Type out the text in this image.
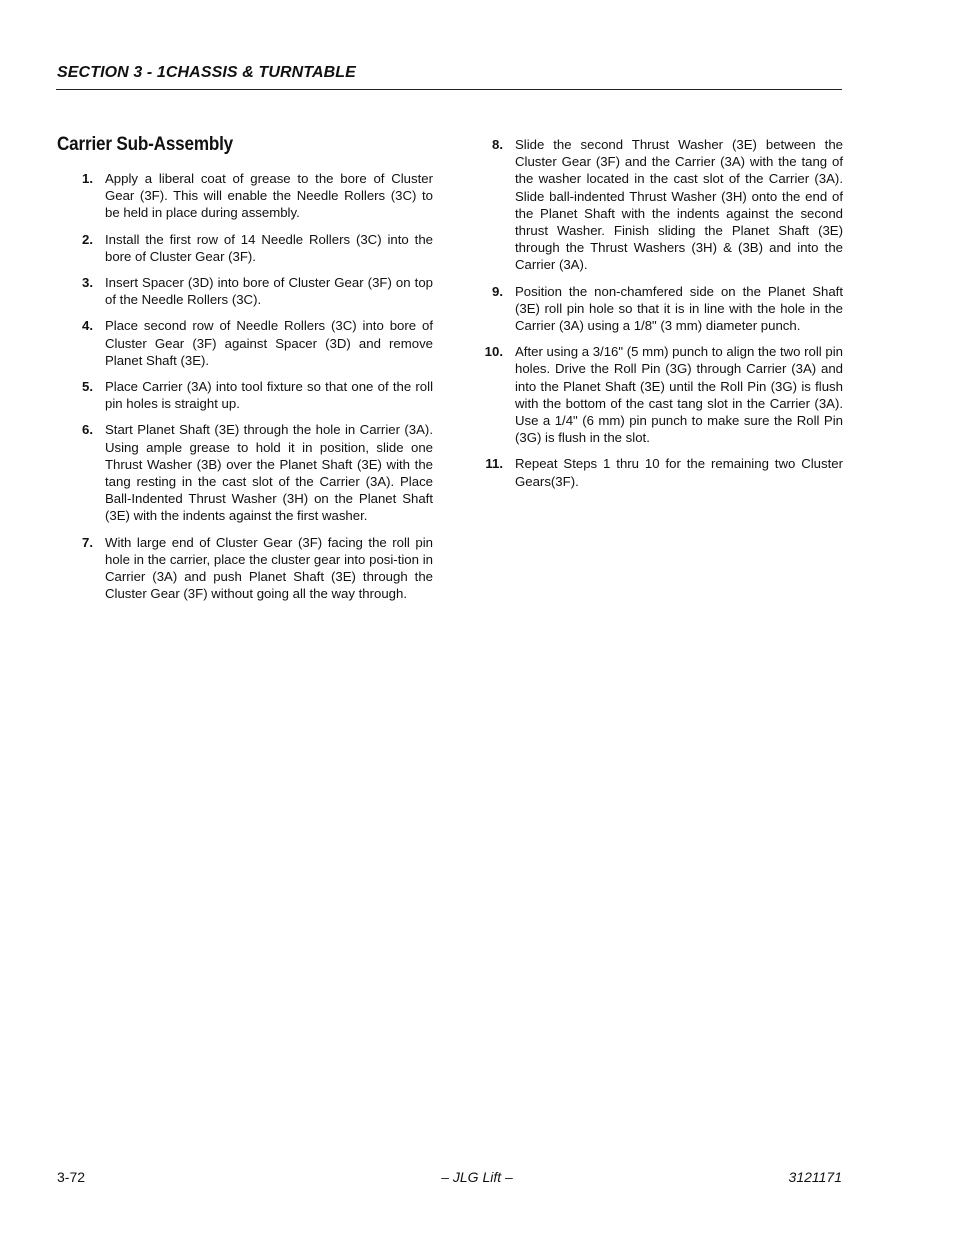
SECTION 3 - 1CHASSIS & TURNTABLE
Carrier Sub-Assembly
1. Apply a liberal coat of grease to the bore of Cluster Gear (3F). This will enable the Needle Rollers (3C) to be held in place during assembly.
2. Install the first row of 14 Needle Rollers (3C) into the bore of Cluster Gear (3F).
3. Insert Spacer (3D) into bore of Cluster Gear (3F) on top of the Needle Rollers (3C).
4. Place second row of Needle Rollers (3C) into bore of Cluster Gear (3F) against Spacer (3D) and remove Planet Shaft (3E).
5. Place Carrier (3A) into tool fixture so that one of the roll pin holes is straight up.
6. Start Planet Shaft (3E) through the hole in Carrier (3A). Using ample grease to hold it in position, slide one Thrust Washer (3B) over the Planet Shaft (3E) with the tang resting in the cast slot of the Carrier (3A). Place Ball-Indented Thrust Washer (3H) on the Planet Shaft (3E) with the indents against the first washer.
7. With large end of Cluster Gear (3F) facing the roll pin hole in the carrier, place the cluster gear into posi-tion in Carrier (3A) and push Planet Shaft (3E) through the Cluster Gear (3F) without going all the way through.
8. Slide the second Thrust Washer (3E) between the Cluster Gear (3F) and the Carrier (3A) with the tang of the washer located in the cast slot of the Carrier (3A). Slide ball-indented Thrust Washer (3H) onto the end of the Planet Shaft with the indents against the second thrust Washer. Finish sliding the Planet Shaft (3E) through the Thrust Washers (3H) & (3B) and into the Carrier (3A).
9. Position the non-chamfered side on the Planet Shaft (3E) roll pin hole so that it is in line with the hole in the Carrier (3A) using a 1/8" (3 mm) diameter punch.
10. After using a 3/16" (5 mm) punch to align the two roll pin holes. Drive the Roll Pin (3G) through Carrier (3A) and into the Planet Shaft (3E) until the Roll Pin (3G) is flush with the bottom of the cast tang slot in the Carrier (3A). Use a 1/4" (6 mm) pin punch to make sure the Roll Pin (3G) is flush in the slot.
11. Repeat Steps 1 thru 10 for the remaining two Cluster Gears(3F).
3-72	– JLG Lift –	3121171
